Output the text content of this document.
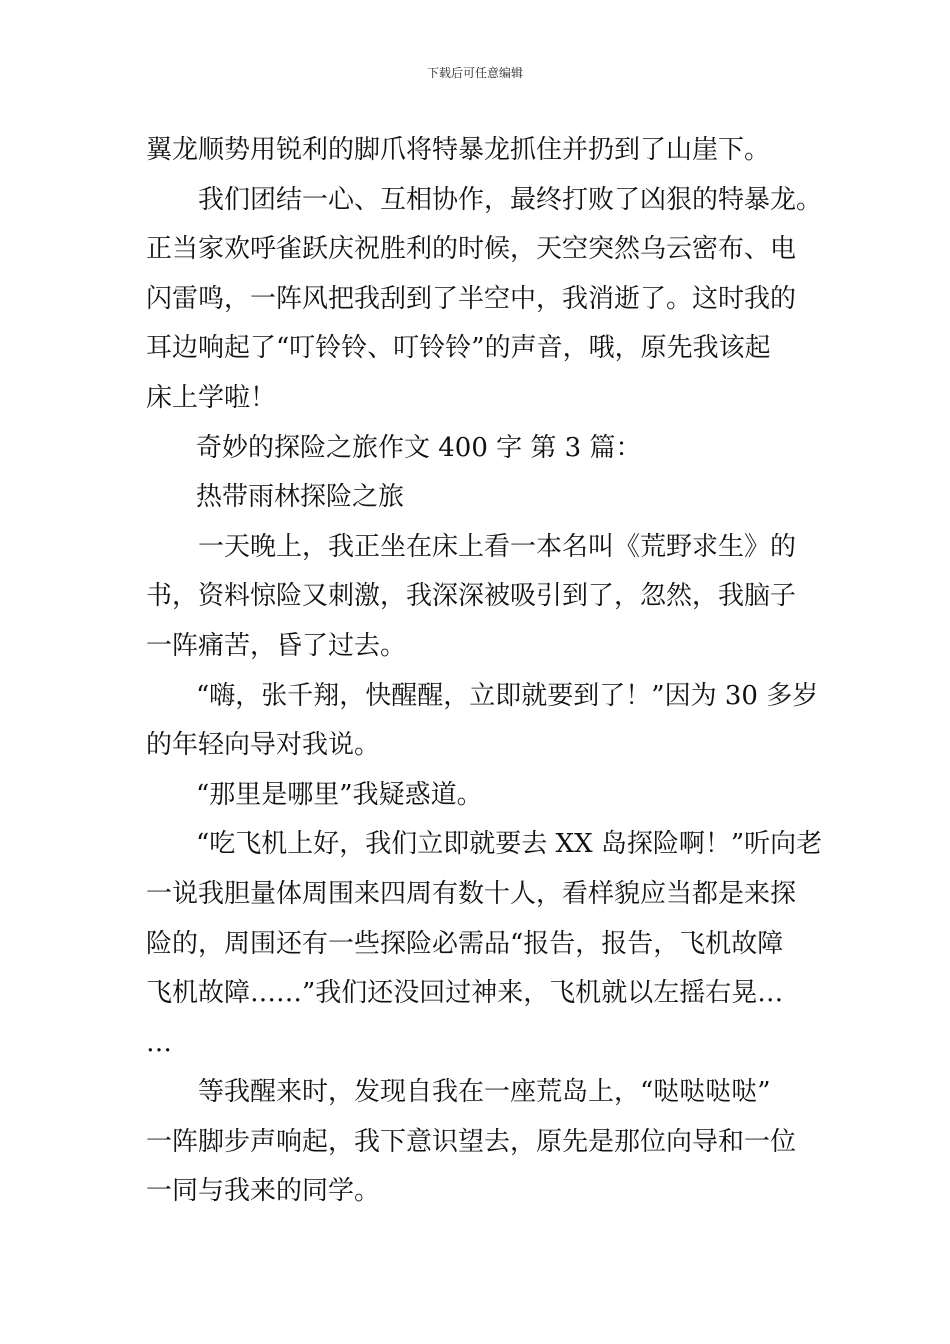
下载后可任意编辑
翼龙顺势用锐利的脚爪将特暴龙抓住并扔到了山崖下。
我们团结一心、互相协作，最终打败了凶狠的特暴龙。
正当家欢呼雀跃庆祝胜利的时候，天空突然乌云密布、电
闪雷鸣，一阵风把我刮到了半空中，我消逝了。这时我的
耳边响起了“叮铃铃、叮铃铃”的声音，哦，原先我该起
床上学啦！
奇妙的探险之旅作文 400 字 第 3 篇：
热带雨林探险之旅
一天晚上，我正坐在床上看一本名叫《荒野求生》的
书，资料惊险又刺激，我深深被吸引到了，忽然，我脑子
一阵痛苦，昏了过去。
“嗨，张千翔，快醒醒，立即就要到了！”因为 30 多岁
的年轻向导对我说。
“那里是哪里”我疑惑道。
“吃飞机上好，我们立即就要去 XX 岛探险啊！”听向老
一说我胆量体周围来四周有数十人，看样貌应当都是来探
险的，周围还有一些探险必需品“报告，报告，飞机故障
飞机故障……”我们还没回过神来，飞机就以左摇右晃…
…
等我醒来时，发现自我在一座荒岛上，“哒哒哒哒”
一阵脚步声响起，我下意识望去，原先是那位向导和一位
一同与我来的同学。
